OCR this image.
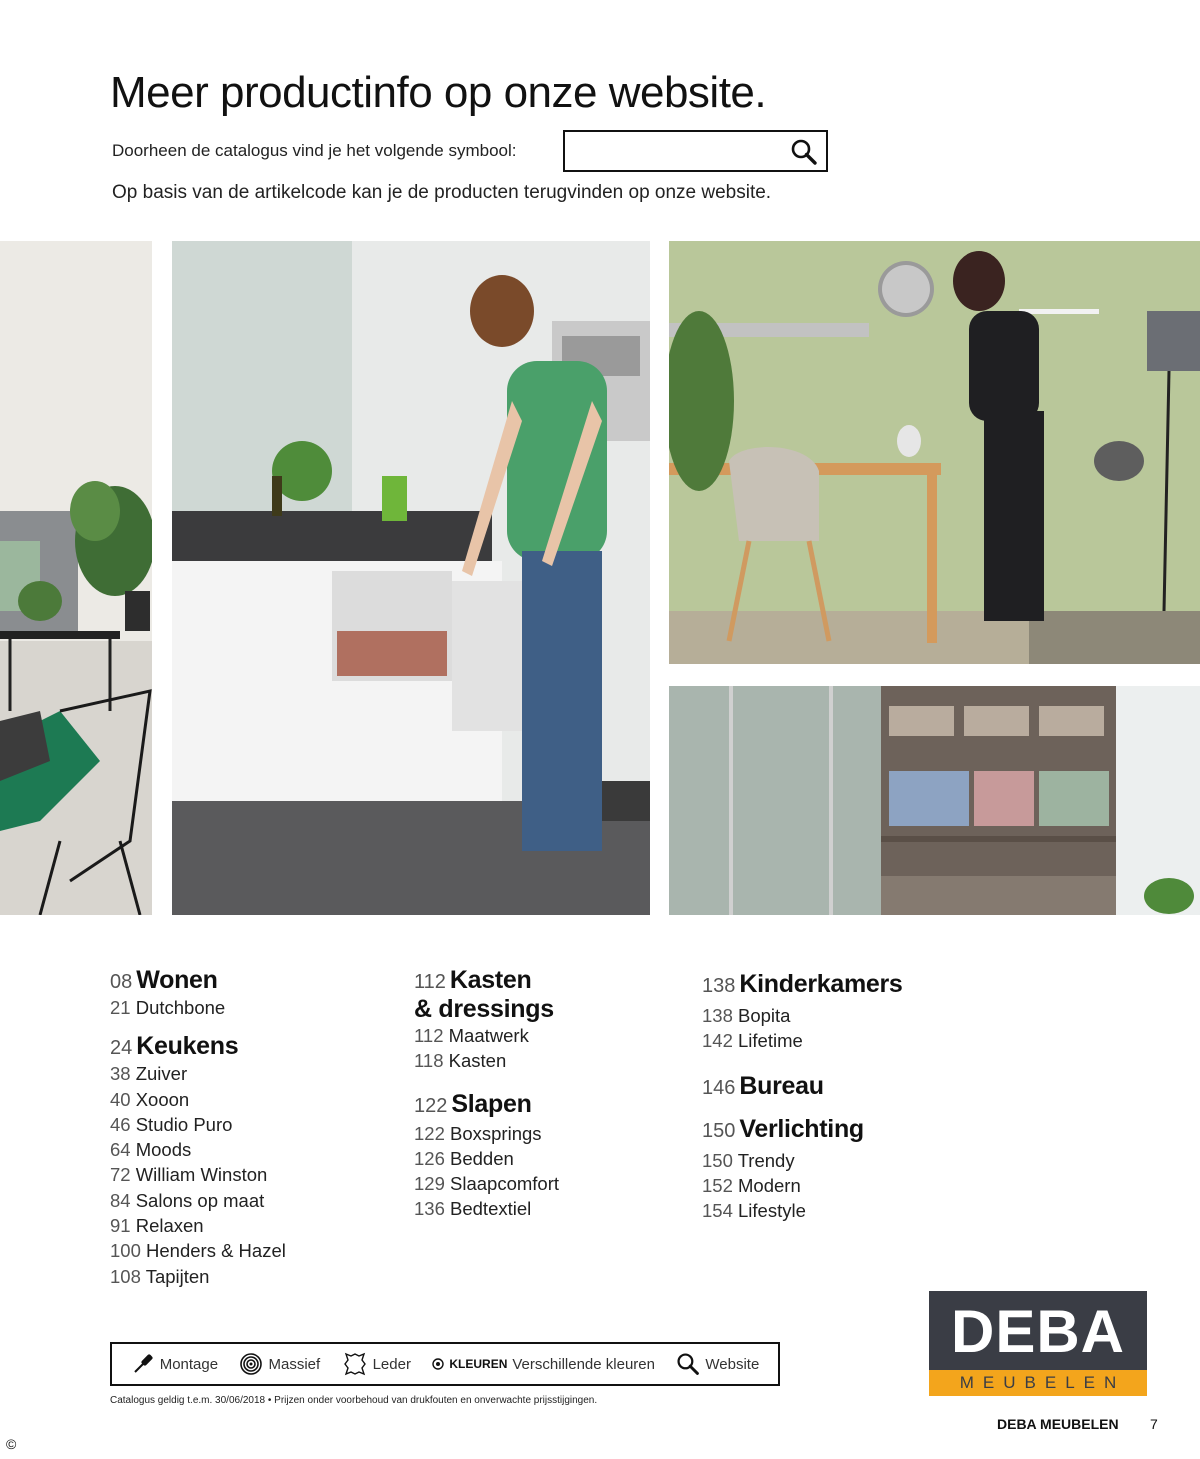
Meer productinfo op onze website.
Doorheen de catalogus vind je het volgende symbool:

Op basis van de artikelcode kan je de producten terugvinden op onze website.

08 Wonen
21 Dutchbone
24 Keukens
38 Zuiver
40 Xooon
46 Studio Puro
64 Moods
72 William Winston
84 Salons op maat
91 Relaxen
100 Henders & Hazel
108 Tapijten
112 Kasten
& dressings
112 Maatwerk
118 Kasten
122 Slapen
122 Boxsprings
126 Bedden
129 Slaapcomfort
136 Bedtextiel
138 Kinderkamers
138 Bopita
142 Lifetime
146 Bureau
150 Verlichting
150 Trendy
152 Modern
154 Lifestyle
Montage	Massief	Leder	KLEUREN Verschillende kleuren	Website

Catalogus geldig t.e.m. 30/06/2018 • Prijzen onder voorbehoud van drukfouten en onverwachte prijsstijgingen.

DEBA
MEUBELEN
DEBA MEUBELEN 7
©
